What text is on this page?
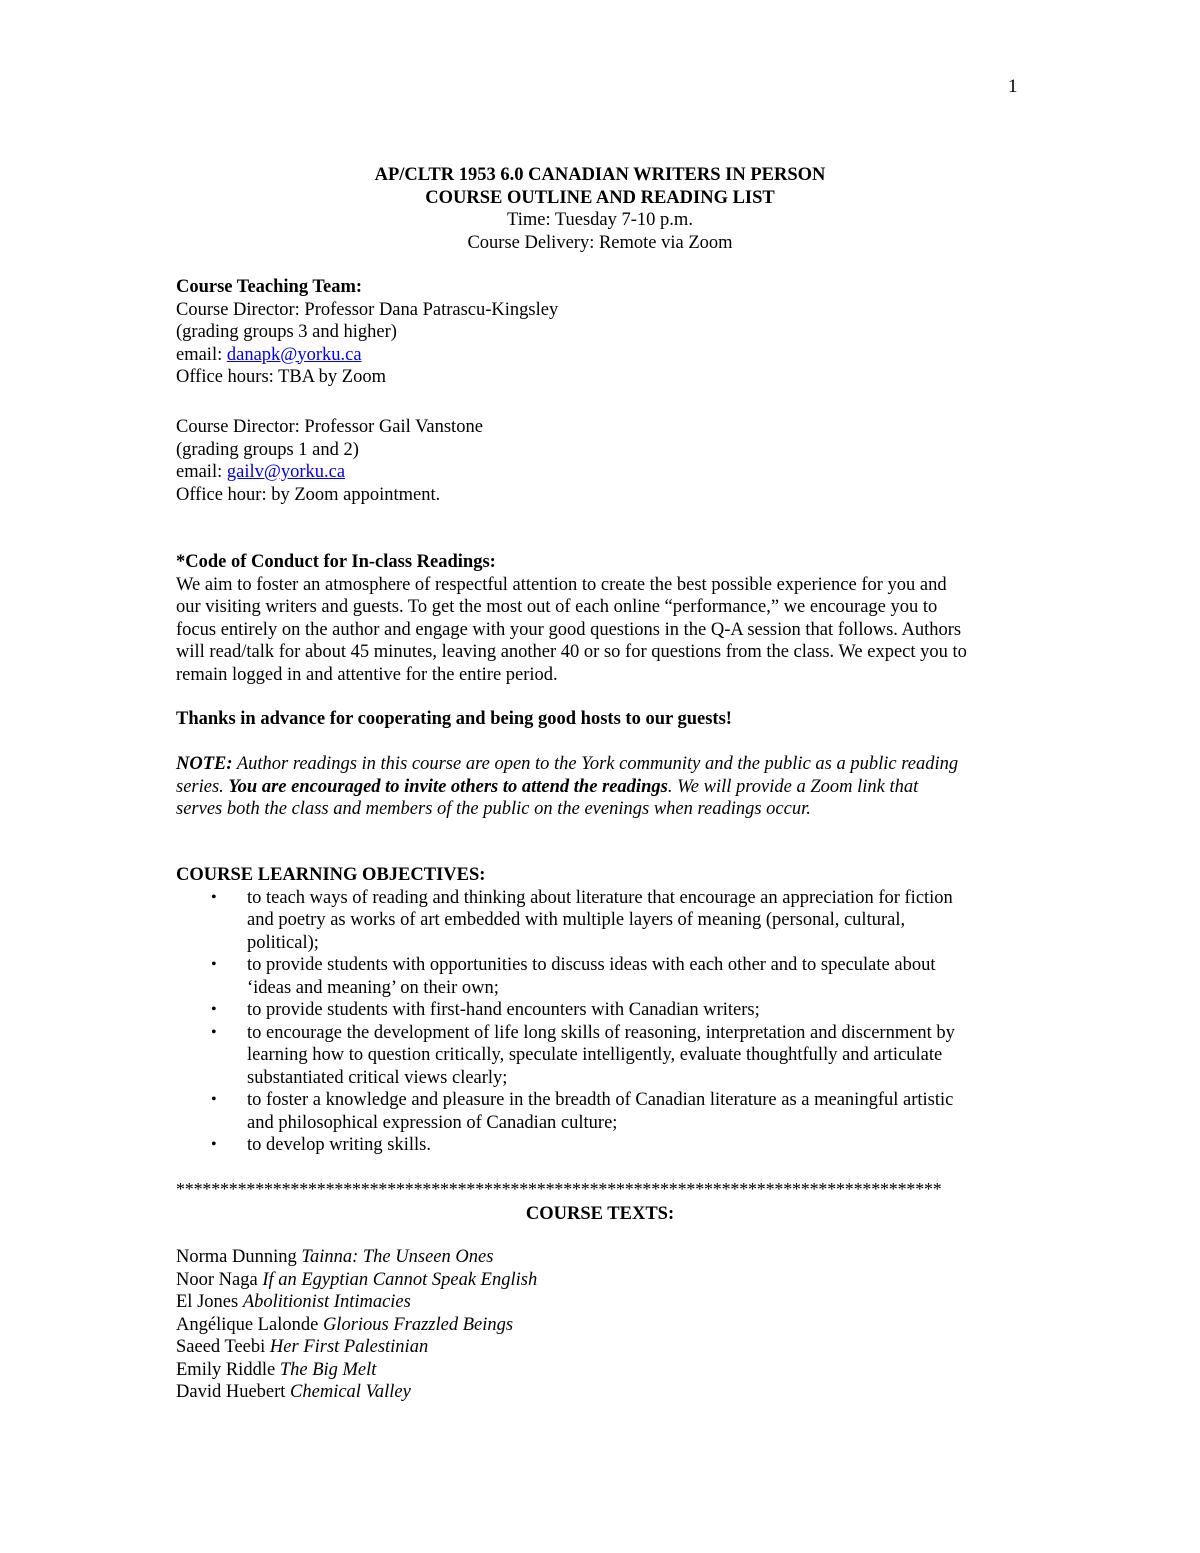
1
AP/CLTR 1953 6.0 CANADIAN WRITERS IN PERSON
COURSE OUTLINE AND READING LIST
Time: Tuesday 7-10 p.m.
Course Delivery: Remote via Zoom
Course Teaching Team:
Course Director: Professor Dana Patrascu-Kingsley
(grading groups 3 and higher)
email: danapk@yorku.ca
Office hours: TBA by Zoom
Course Director: Professor Gail Vanstone
(grading groups 1 and 2)
email: gailv@yorku.ca
Office hour: by Zoom appointment.
*Code of Conduct for In-class Readings:
We aim to foster an atmosphere of respectful attention to create the best possible experience for you and
our visiting writers and guests. To get the most out of each online “performance,” we encourage you to
focus entirely on the author and engage with your good questions in the Q-A session that follows. Authors
will read/talk for about 45 minutes, leaving another 40 or so for questions from the class. We expect you to
remain logged in and attentive for the entire period.
Thanks in advance for cooperating and being good hosts to our guests!
NOTE: Author readings in this course are open to the York community and the public as a public reading
series. You are encouraged to invite others to attend the readings. We will provide a Zoom link that
serves both the class and members of the public on the evenings when readings occur.
COURSE LEARNING OBJECTIVES:
• to teach ways of reading and thinking about literature that encourage an appreciation for fiction
and poetry as works of art embedded with multiple layers of meaning (personal, cultural,
political);
• to provide students with opportunities to discuss ideas with each other and to speculate about
‘ideas and meaning’ on their own;
• to provide students with first-hand encounters with Canadian writers;
• to encourage the development of life long skills of reasoning, interpretation and discernment by
learning how to question critically, speculate intelligently, evaluate thoughtfully and articulate
substantiated critical views clearly;
• to foster a knowledge and pleasure in the breadth of Canadian literature as a meaningful artistic
and philosophical expression of Canadian culture;
• to develop writing skills.
***************************************************************************************
COURSE TEXTS:
Norma Dunning Tainna: The Unseen Ones
Noor Naga If an Egyptian Cannot Speak English
El Jones Abolitionist Intimacies
Angélique Lalonde Glorious Frazzled Beings
Saeed Teebi Her First Palestinian
Emily Riddle The Big Melt
David Huebert Chemical Valley
